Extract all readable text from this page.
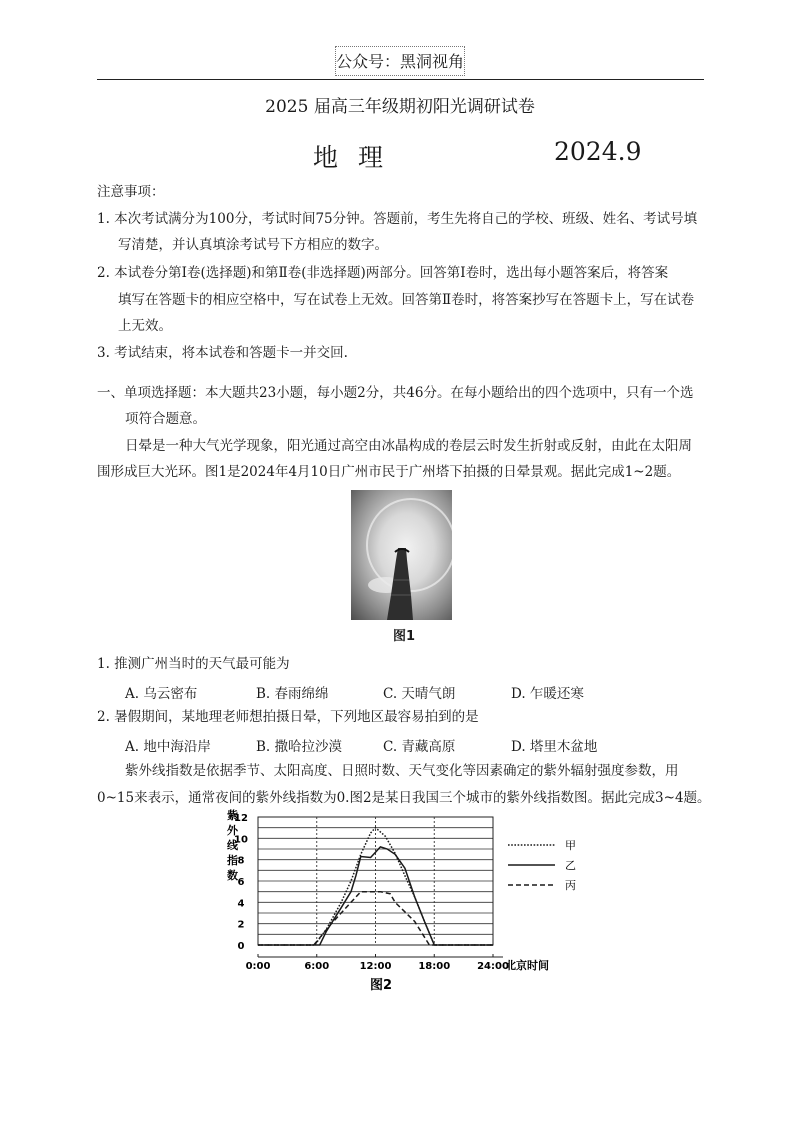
公众号：黑洞视角
2025 届高三年级期初阳光调研试卷
地理	2024.9
注意事项：
1. 本次考试满分为100分，考试时间75分钟。答题前，考生先将自己的学校、班级、姓名、考试号填
写清楚，并认真填涂考试号下方相应的数字。
2. 本试卷分第Ⅰ卷(选择题)和第Ⅱ卷(非选择题)两部分。回答第Ⅰ卷时，选出每小题答案后，将答案
填写在答题卡的相应空格中，写在试卷上无效。回答第Ⅱ卷时，将答案抄写在答题卡上，写在试卷
上无效。
3. 考试结束，将本试卷和答题卡一并交回.
一、单项选择题：本大题共23小题，每小题2分，共46分。在每小题给出的四个选项中，只有一个选
项符合题意。
日晕是一种大气光学现象，阳光通过高空由冰晶构成的卷层云时发生折射或反射，由此在太阳周
围形成巨大光环。图1是2024年4月10日广州市民于广州塔下拍摄的日晕景观。据此完成1~2题。
图1
1. 推测广州当时的天气最可能为
A. 乌云密布	B. 春雨绵绵	C. 天晴气朗	D. 乍暖还寒
2. 暑假期间，某地理老师想拍摄日晕，下列地区最容易拍到的是
A. 地中海沿岸	B. 撒哈拉沙漠	C. 青藏高原	D. 塔里木盆地
紫外线指数是依据季节、太阳高度、日照时数、天气变化等因素确定的紫外辐射强度参数，用
0~15来表示，通常夜间的紫外线指数为0.图2是某日我国三个城市的紫外线指数图。据此完成3~4题。
紫外线指数
0
2
4
6
8
10
12
0:00	6:00	12:00	18:00	24:00
甲
乙
丙
北京时间
图2
